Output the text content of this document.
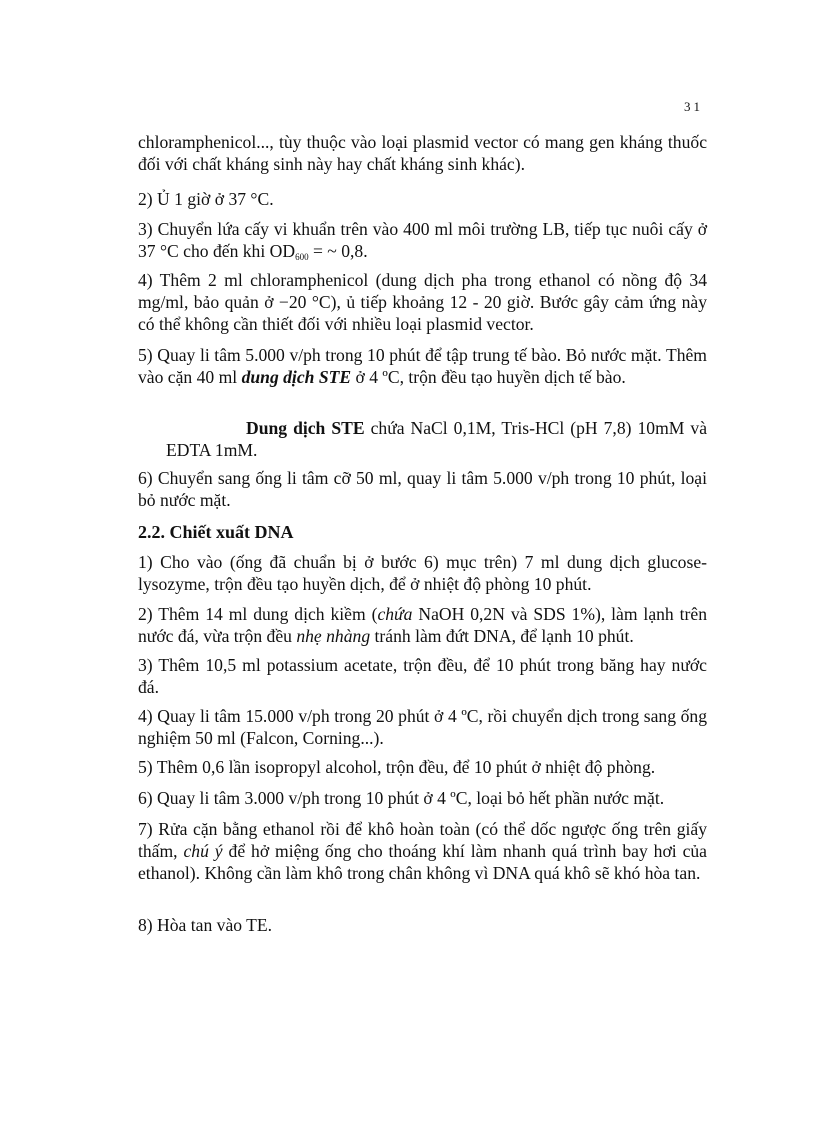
31

chloramphenicol..., tùy thuộc vào loại plasmid vector có mang gen kháng thuốc đối với chất kháng sinh này hay chất kháng sinh khác).

2) Ủ 1 giờ ở 37 °C.

3) Chuyển lứa cấy vi khuẩn trên vào 400 ml môi trường LB, tiếp tục nuôi cấy ở 37 °C cho đến khi $OD_{600}$ = ~ 0,8.

4) Thêm 2 ml chloramphenicol (dung dịch pha trong ethanol có nồng độ 34 mg/ml, bảo quản ở −20 °C), ủ tiếp khoảng 12 - 20 giờ. Bước gây cảm ứng này có thể không cần thiết đối với nhiều loại plasmid vector.

5) Quay li tâm 5.000 v/ph trong 10 phút để tập trung tế bào. Bỏ nước mặt. Thêm vào cặn 40 ml dung dịch STE ở 4 ºC, trộn đều tạo huyền dịch tế bào.

Dung dịch STE chứa NaCl 0,1M, Tris-HCl (pH 7,8) 10mM và EDTA 1mM.

6) Chuyển sang ống li tâm cỡ 50 ml, quay li tâm 5.000 v/ph trong 10 phút, loại bỏ nước mặt.

2.2. Chiết xuất DNA

1) Cho vào (ống đã chuẩn bị ở bước 6) mục trên) 7 ml dung dịch glucose-lysozyme, trộn đều tạo huyền dịch, để ở nhiệt độ phòng 10 phút.

2) Thêm 14 ml dung dịch kiềm (chứa NaOH 0,2N và SDS 1%), làm lạnh trên nước đá, vừa trộn đều nhẹ nhàng tránh làm đứt DNA, để lạnh 10 phút.

3) Thêm 10,5 ml potassium acetate, trộn đều, để 10 phút trong băng hay nước đá.

4) Quay li tâm 15.000 v/ph trong 20 phút ở 4 ºC, rồi chuyển dịch trong sang ống nghiệm 50 ml (Falcon, Corning...).

5) Thêm 0,6 lần isopropyl alcohol, trộn đều, để 10 phút ở nhiệt độ phòng.

6) Quay li tâm 3.000 v/ph trong 10 phút ở 4 ºC, loại bỏ hết phần nước mặt.

7) Rửa cặn bằng ethanol rồi để khô hoàn toàn (có thể dốc ngược ống trên giấy thấm, chú ý để hở miệng ống cho thoáng khí làm nhanh quá trình bay hơi của ethanol). Không cần làm khô trong chân không vì DNA quá khô sẽ khó hòa tan.

8) Hòa tan vào TE.
